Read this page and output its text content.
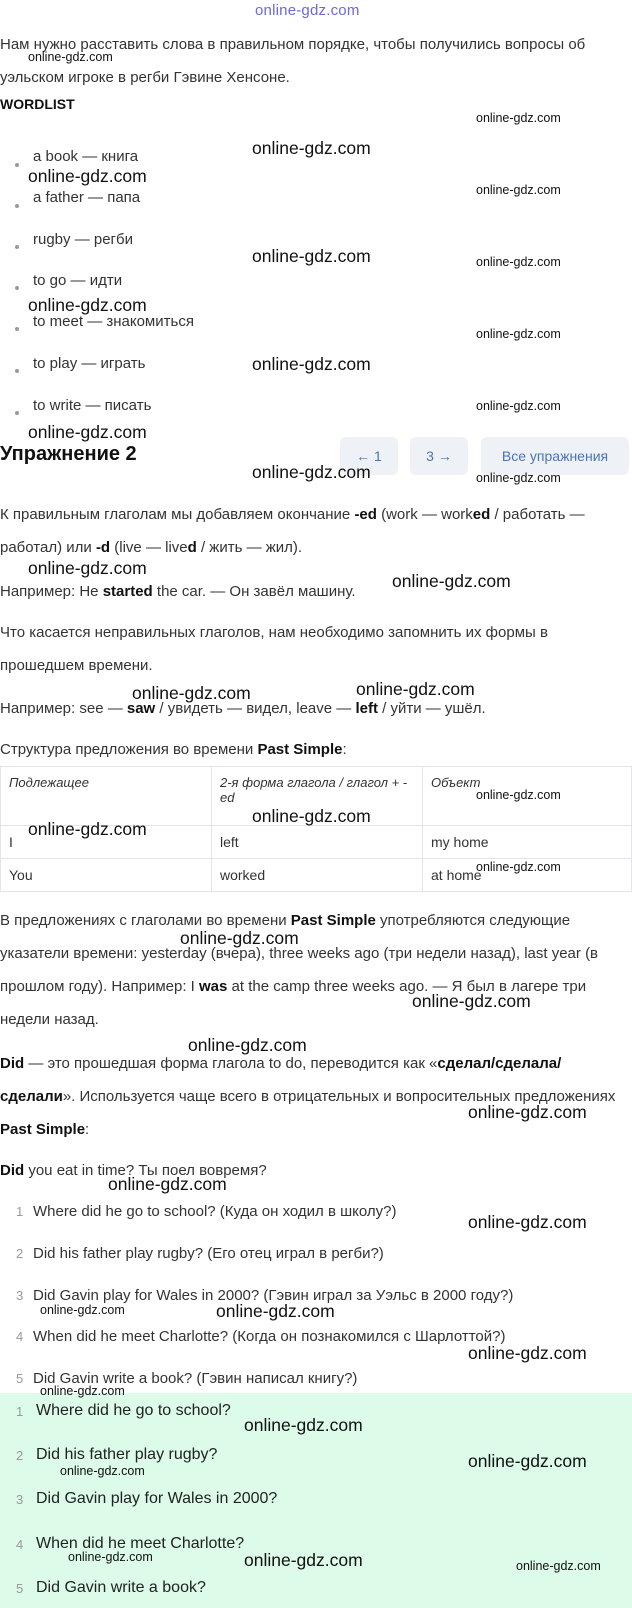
online-gdz.com
Нам нужно расставить слова в правильном порядке, чтобы получились вопросы об уэльском игроке в регби Гэвине Хенсоне.
WORDLIST
a book — книга
a father — папа
rugby — регби
to go — идти
to meet — знакомиться
to play — играть
to write — писать
Упражнение 2	← 1	3 →	Все упражнения
К правильным глаголам мы добавляем окончание -ed (work — worked / работать — работал) или -d (live — lived / жить — жил).
Например: He started the car. — Он завёл машину.
Что касается неправильных глаголов, нам необходимо запомнить их формы в прошедшем времени.
Например: see — saw / увидеть — видел, leave — left / уйти — ушёл.
Структура предложения во времени Past Simple:
Подлежащее	2-я форма глагола / глагол + -ed	Объект
I	left	my home
You	worked	at home
В предложениях с глаголами во времени Past Simple употребляются следующие указатели времени: yesterday (вчера), three weeks ago (три недели назад), last year (в прошлом году). Например: I was at the camp three weeks ago. — Я был в лагере три недели назад.
Did — это прошедшая форма глагола to do, переводится как «сделал/сделала/сделали». Используется чаще всего в отрицательных и вопросительных предложениях Past Simple:
Did you eat in time? Ты поел вовремя?
1 Where did he go to school? (Куда он ходил в школу?)
2 Did his father play rugby? (Его отец играл в регби?)
3 Did Gavin play for Wales in 2000? (Гэвин играл за Уэльс в 2000 году?)
4 When did he meet Charlotte? (Когда он познакомился с Шарлоттой?)
5 Did Gavin write a book? (Гэвин написал книгу?)
1 Where did he go to school?
2 Did his father play rugby?
3 Did Gavin play for Wales in 2000?
4 When did he meet Charlotte?
5 Did Gavin write a book?
online-gdz.com
online-gdz.com
online-gdz.com
online-gdz.com
online-gdz.com
online-gdz.com	online-gdz.com
online-gdz.com
online-gdz.com
online-gdz.com
online-gdz.com
online-gdz.com
online-gdz.com	online-gdz.com
online-gdz.com
online-gdz.com
online-gdz.com	online-gdz.com
online-gdz.com
online-gdz.com
online-gdz.com
online-gdz.com
online-gdz.com
online-gdz.com
online-gdz.com
online-gdz.com
online-gdz.com
online-gdz.com
online-gdz.com	online-gdz.com
online-gdz.com
online-gdz.com
online-gdz.com
online-gdz.com
online-gdz.com
online-gdz.com	online-gdz.com	online-gdz.com
